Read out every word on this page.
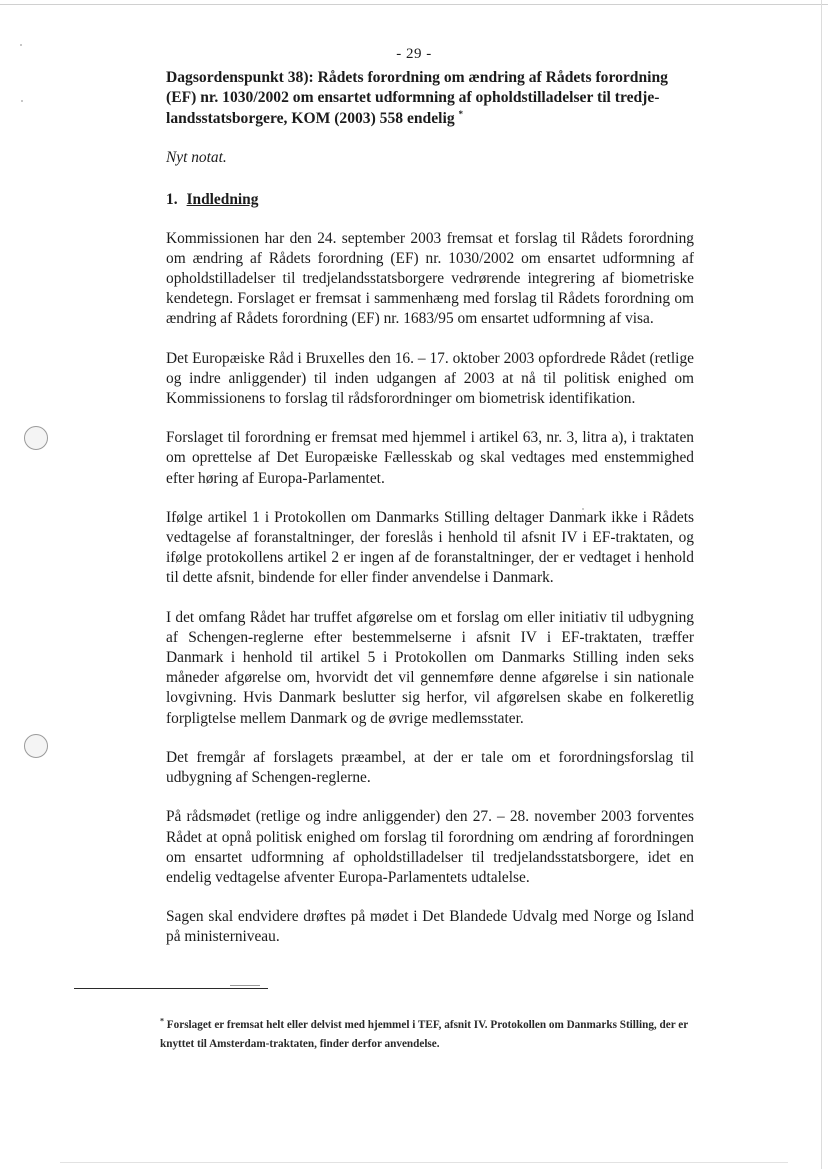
- 29 -

Dagsordenspunkt 38): Rådets forordning om ændring af Rådets forordning (EF) nr. 1030/2002 om ensartet udformning af opholdstilladelser til tredje-landsstatsborgere, KOM (2003) 558 endelig *

Nyt notat.

1. Indledning

Kommissionen har den 24. september 2003 fremsat et forslag til Rådets forordning om ændring af Rådets forordning (EF) nr. 1030/2002 om ensartet udformning af opholdstilladelser til tredjelandsstatsborgere vedrørende integrering af biometriske kendetegn. Forslaget er fremsat i sammenhæng med forslag til Rådets forordning om ændring af Rådets forordning (EF) nr. 1683/95 om ensartet udformning af visa.

Det Europæiske Råd i Bruxelles den 16. – 17. oktober 2003 opfordrede Rådet (retlige og indre anliggender) til inden udgangen af 2003 at nå til politisk enighed om Kommissionens to forslag til rådsforordninger om biometrisk identifikation.

Forslaget til forordning er fremsat med hjemmel i artikel 63, nr. 3, litra a), i traktaten om oprettelse af Det Europæiske Fællesskab og skal vedtages med enstemmighed efter høring af Europa-Parlamentet.

Ifølge artikel 1 i Protokollen om Danmarks Stilling deltager Danmark ikke i Rådets vedtagelse af foranstaltninger, der foreslås i henhold til afsnit IV i EF-traktaten, og ifølge protokollens artikel 2 er ingen af de foranstaltninger, der er vedtaget i henhold til dette afsnit, bindende for eller finder anvendelse i Danmark.

I det omfang Rådet har truffet afgørelse om et forslag om eller initiativ til udbygning af Schengen-reglerne efter bestemmelserne i afsnit IV i EF-traktaten, træffer Danmark i henhold til artikel 5 i Protokollen om Danmarks Stilling inden seks måneder afgørelse om, hvorvidt det vil gennemføre denne afgørelse i sin nationale lovgivning. Hvis Danmark beslutter sig herfor, vil afgørelsen skabe en folkeretlig forpligtelse mellem Danmark og de øvrige medlemsstater.

Det fremgår af forslagets præambel, at der er tale om et forordningsforslag til udbygning af Schengen-reglerne.

På rådsmødet (retlige og indre anliggender) den 27. – 28. november 2003 forventes Rådet at opnå politisk enighed om forslag til forordning om ændring af forordningen om ensartet udformning af opholdstilladelser til tredjelandsstatsborgere, idet en endelig vedtagelse afventer Europa-Parlamentets udtalelse.

Sagen skal endvidere drøftes på mødet i Det Blandede Udvalg med Norge og Island på ministerniveau.

* Forslaget er fremsat helt eller delvist med hjemmel i TEF, afsnit IV. Protokollen om Danmarks Stilling, der er knyttet til Amsterdam-traktaten, finder derfor anvendelse.
